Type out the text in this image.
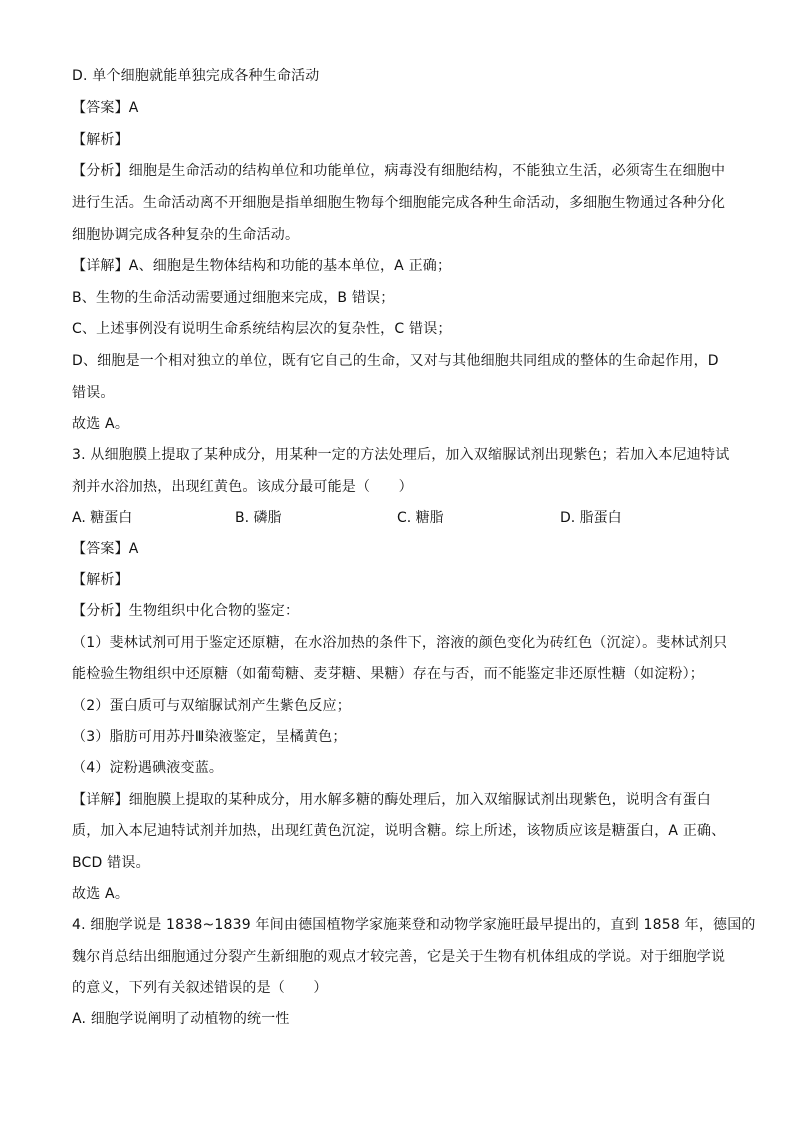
D. 单个细胞就能单独完成各种生命活动
【答案】A
【解析】
【分析】细胞是生命活动的结构单位和功能单位，病毒没有细胞结构，不能独立生活，必须寄生在细胞中
进行生活。生命活动离不开细胞是指单细胞生物每个细胞能完成各种生命活动，多细胞生物通过各种分化
细胞协调完成各种复杂的生命活动。
【详解】A、细胞是生物体结构和功能的基本单位，A 正确；
B、生物的生命活动需要通过细胞来完成，B 错误；
C、上述事例没有说明生命系统结构层次的复杂性，C 错误；
D、细胞是一个相对独立的单位，既有它自己的生命，又对与其他细胞共同组成的整体的生命起作用，D
错误。
故选 A。
3. 从细胞膜上提取了某种成分，用某种一定的方法处理后，加入双缩脲试剂出现紫色；若加入本尼迪特试
剂并水浴加热，出现红黄色。该成分最可能是（　　）
A. 糖蛋白	B. 磷脂	C. 糖脂	D. 脂蛋白
【答案】A
【解析】
【分析】生物组织中化合物的鉴定：
（1）斐林试剂可用于鉴定还原糖，在水浴加热的条件下，溶液的颜色变化为砖红色（沉淀）。斐林试剂只
能检验生物组织中还原糖（如葡萄糖、麦芽糖、果糖）存在与否，而不能鉴定非还原性糖（如淀粉）；
（2）蛋白质可与双缩脲试剂产生紫色反应；
（3）脂肪可用苏丹Ⅲ染液鉴定，呈橘黄色；
（4）淀粉遇碘液变蓝。
【详解】细胞膜上提取的某种成分，用水解多糖的酶处理后，加入双缩脲试剂出现紫色，说明含有蛋白
质，加入本尼迪特试剂并加热，出现红黄色沉淀，说明含糖。综上所述，该物质应该是糖蛋白，A 正确、
BCD 错误。
故选 A。
4. 细胞学说是 1838~1839 年间由德国植物学家施莱登和动物学家施旺最早提出的，直到 1858 年，德国的
魏尔肖总结出细胞通过分裂产生新细胞的观点才较完善，它是关于生物有机体组成的学说。对于细胞学说
的意义，下列有关叙述错误的是（　　）
A. 细胞学说阐明了动植物的统一性
